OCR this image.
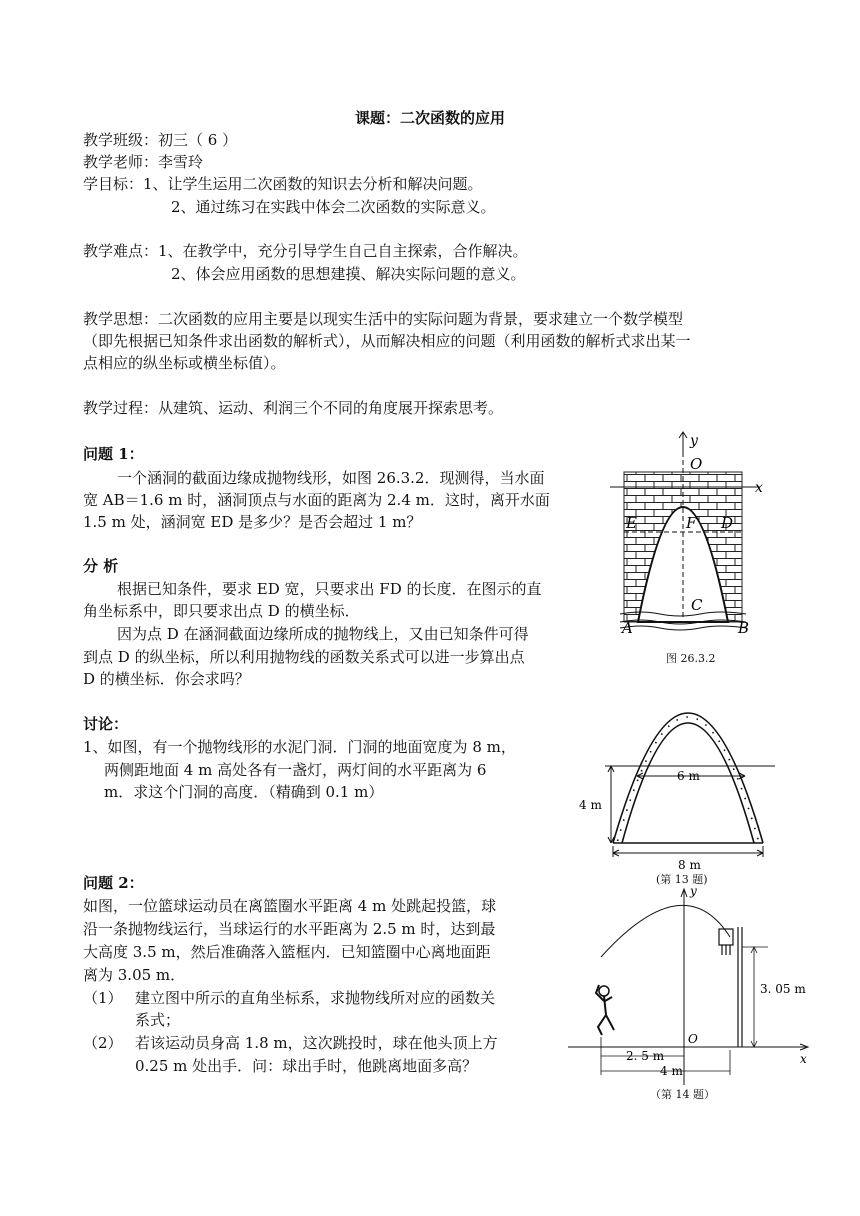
课题：二次函数的应用
教学班级：初三（ 6 ）
教学老师：李雪玲
学目标：1、让学生运用二次函数的知识去分析和解决问题。
2、通过练习在实践中体会二次函数的实际意义。
教学难点：1、在教学中，充分引导学生自己自主探索，合作解决。
2、体会应用函数的思想建摸、解决实际问题的意义。
教学思想：二次函数的应用主要是以现实生活中的实际问题为背景，要求建立一个数学模型
（即先根据已知条件求出函数的解析式），从而解决相应的问题（利用函数的解析式求出某一
点相应的纵坐标或横坐标值）。
教学过程：从建筑、运动、利润三个不同的角度展开探索思考。
问题 1：
一个涵洞的截面边缘成抛物线形，如图 26.3.2．现测得，当水面
宽 AB＝1.6 m 时，涵洞顶点与水面的距离为 2.4 m．这时，离开水面
1.5 m 处，涵洞宽 ED 是多少？是否会超过 1 m？
分 析
根据已知条件，要求 ED 宽，只要求出 FD 的长度．在图示的直
角坐标系中，即只要求出点 D 的横坐标．
因为点 D 在涵洞截面边缘所成的抛物线上，又由已知条件可得
到点 D 的纵坐标，所以利用抛物线的函数关系式可以进一步算出点
D 的横坐标．你会求吗？
y
x
O
E	F D
C
A	B
图 26.3.2
讨论：
1、如图，有一个抛物线形的水泥门洞．门洞的地面宽度为 8 m，
两侧距地面 4 m 高处各有一盏灯，两灯间的水平距离为 6
m．求这个门洞的高度．（精确到 0.1 m）
6 m
4 m
8 m
(第 13 题)
问题 2：
如图，一位篮球运动员在离篮圈水平距离 4 m 处跳起投篮，球
沿一条抛物线运行，当球运行的水平距离为 2.5 m 时，达到最
大高度 3.5 m，然后准确落入篮框内．已知篮圈中心离地面距
离为 3.05 m．
（1） 建立图中所示的直角坐标系，求抛物线所对应的函数关
系式；
（2） 若该运动员身高 1.8 m，这次跳投时，球在他头顶上方
0.25 m 处出手．问：球出手时，他跳离地面多高？
y
x
O
3. 05 m
2. 5 m
4 m
（第 14 题）
